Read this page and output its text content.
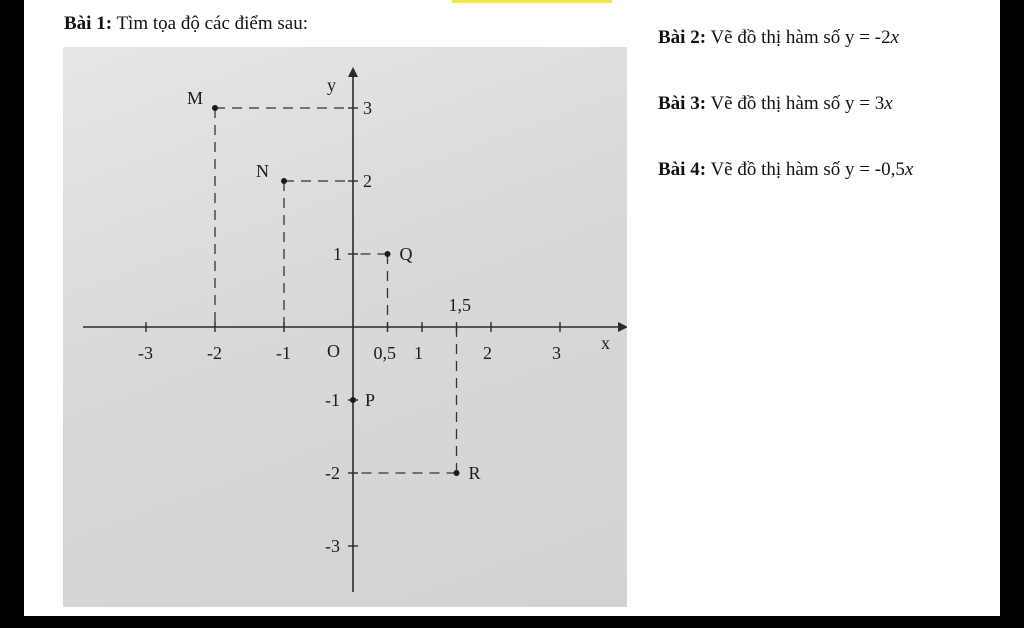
Bài 1: Tìm tọa độ các điểm sau:
Bài 2: Vẽ đồ thị hàm số y = -2x
Bài 3: Vẽ đồ thị hàm số y = 3x
Bài 4: Vẽ đồ thị hàm số y = -0,5x
x
y
O
-3	-2	-1	0,5 1
1,5
2	3
3
2
1
-1
-2
-3
M
N
Q
P
R
